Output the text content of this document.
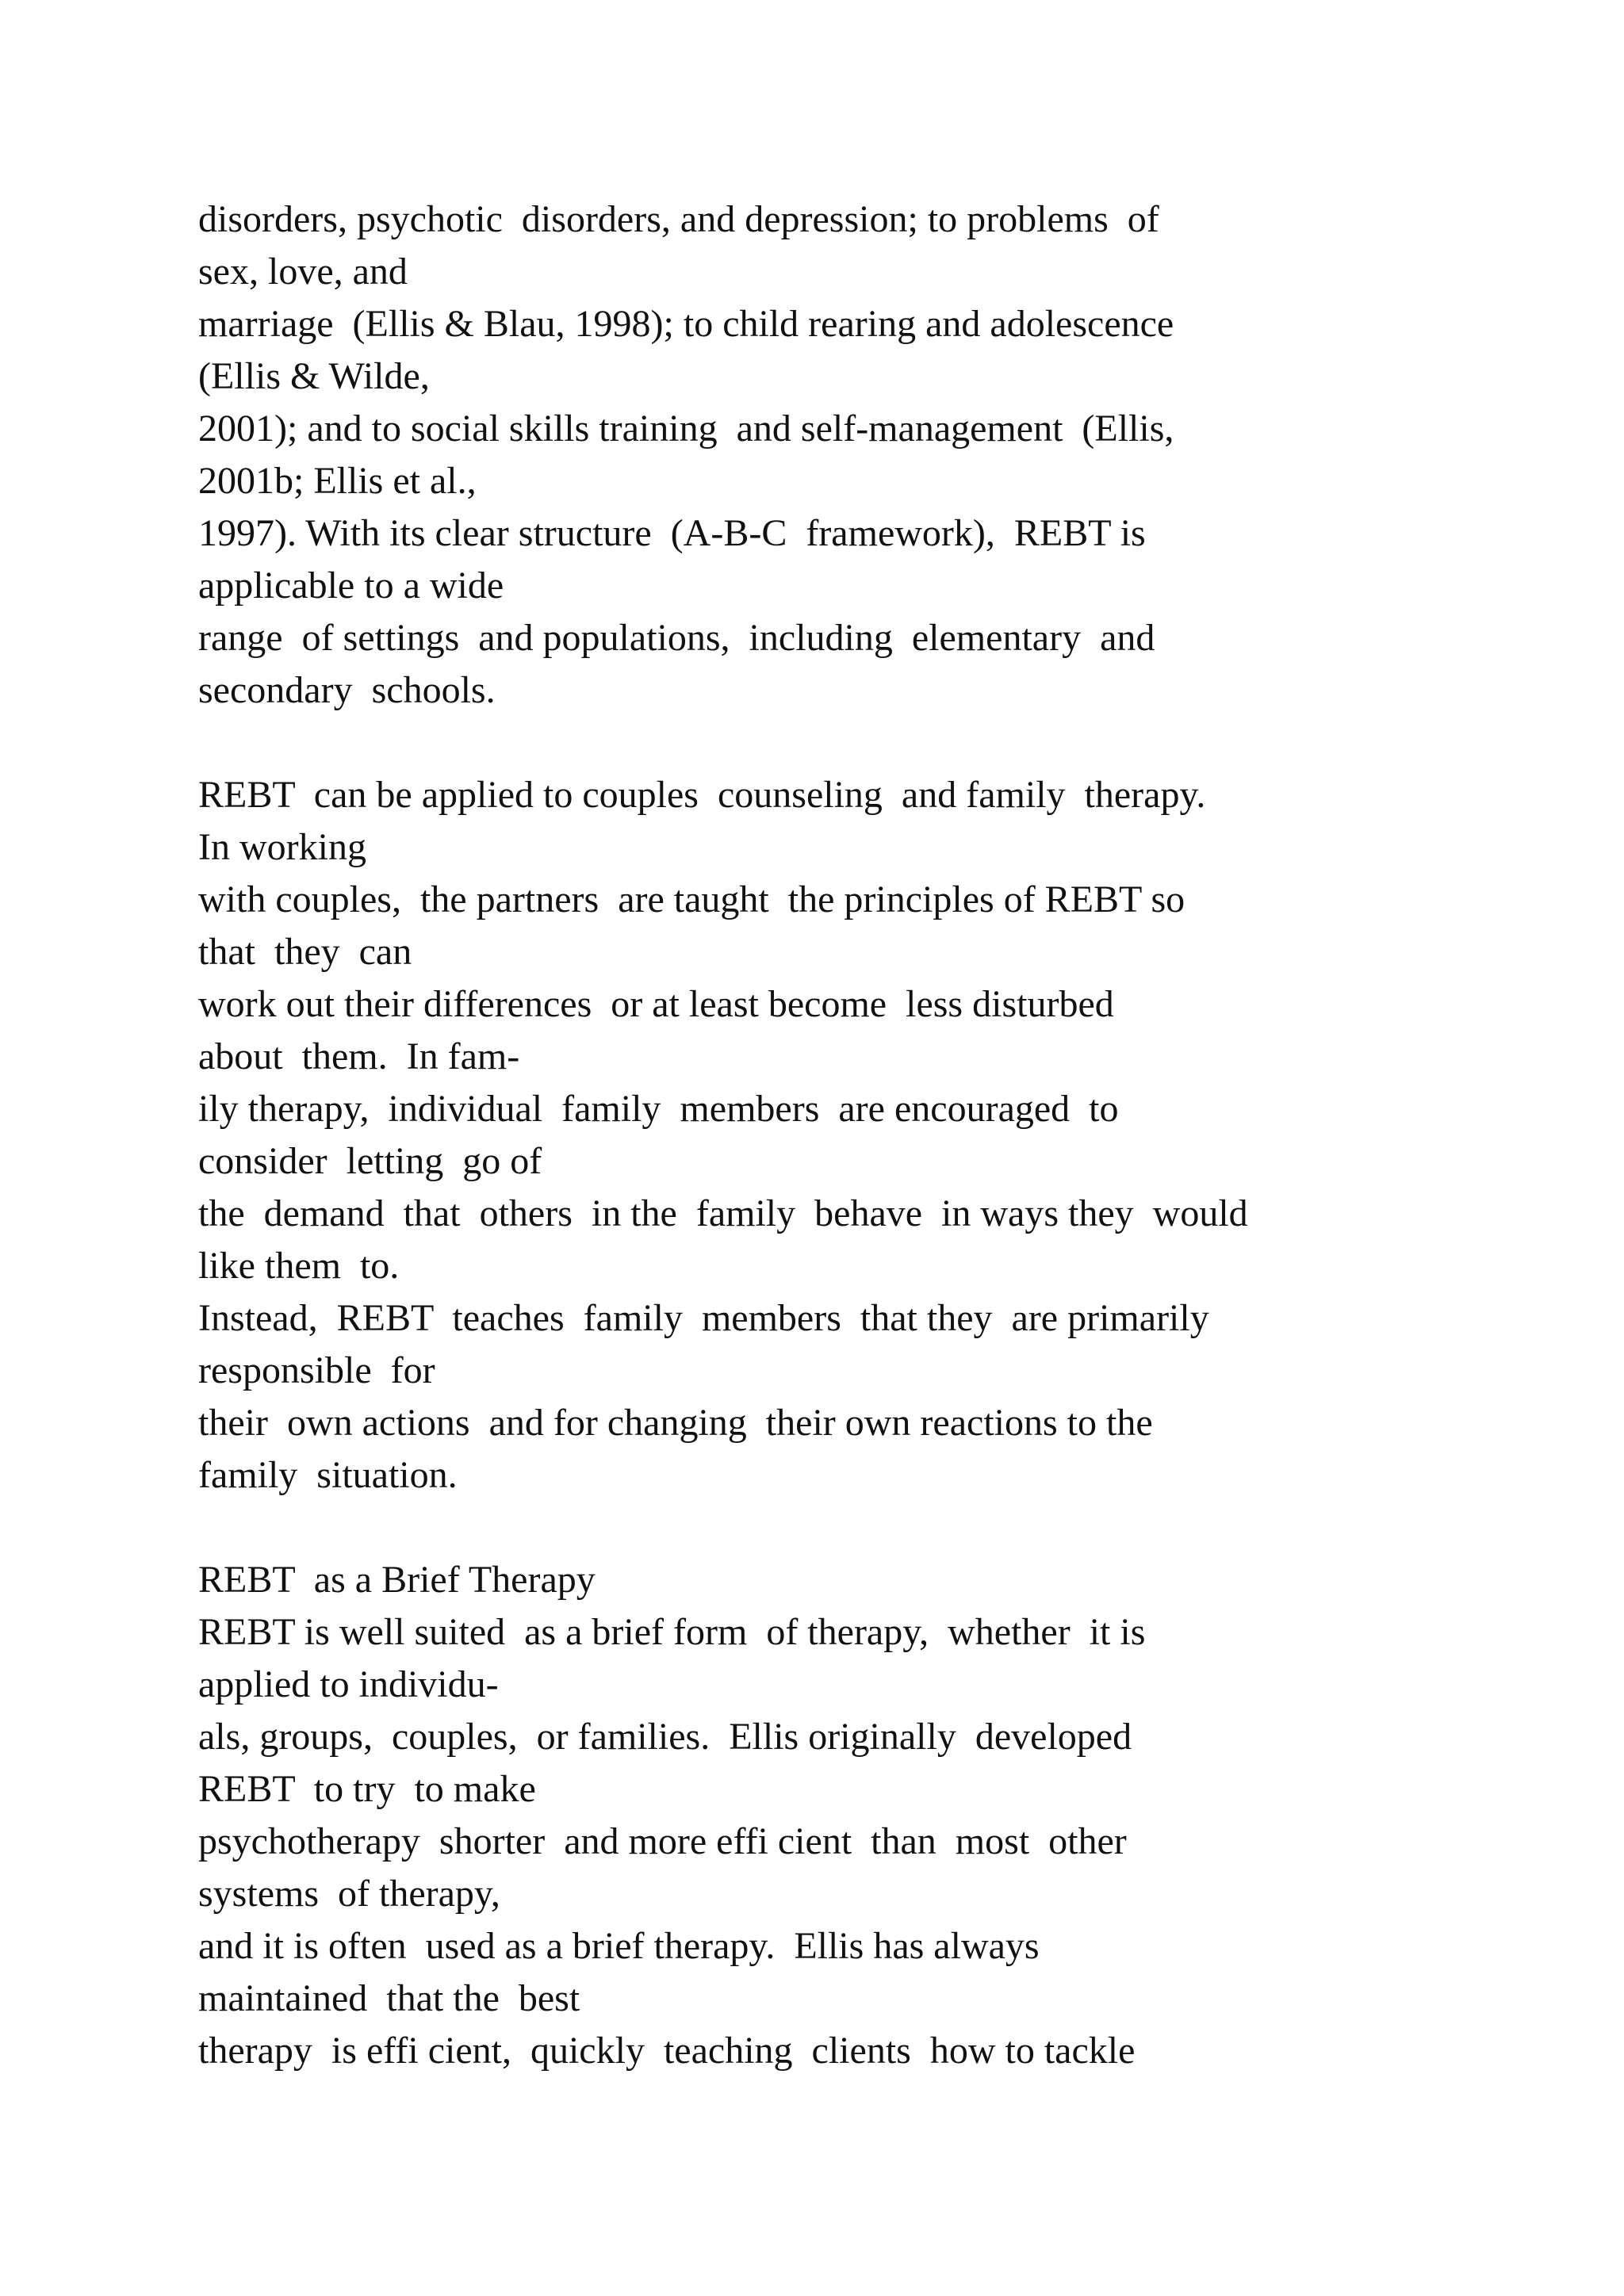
disorders, psychotic  disorders, and depression; to problems  of
sex, love, and
marriage  (Ellis & Blau, 1998); to child rearing and adolescence
(Ellis & Wilde,
2001); and to social skills training  and self-management  (Ellis,
2001b; Ellis et al.,
1997). With its clear structure  (A-B-C  framework),  REBT is
applicable to a wide
range  of settings  and populations,  including  elementary  and
secondary  schools.
REBT  can be applied to couples  counseling  and family  therapy.
In working
with couples,  the partners  are taught  the principles of REBT so
that  they  can
work out their differences  or at least become  less disturbed
about  them.  In fam-
ily therapy,  individual  family  members  are encouraged  to
consider  letting  go of
the  demand  that  others  in the  family  behave  in ways they  would
like them  to.
Instead,  REBT  teaches  family  members  that they  are primarily
responsible  for
their  own actions  and for changing  their own reactions to the
family  situation.
REBT  as a Brief Therapy
REBT is well suited  as a brief form  of therapy,  whether  it is
applied to individu-
als, groups,  couples,  or families.  Ellis originally  developed
REBT  to try  to make
psychotherapy  shorter  and more effi cient  than  most  other
systems  of therapy,
and it is often  used as a brief therapy.  Ellis has always
maintained  that the  best
therapy  is effi cient,  quickly  teaching  clients  how to tackle
